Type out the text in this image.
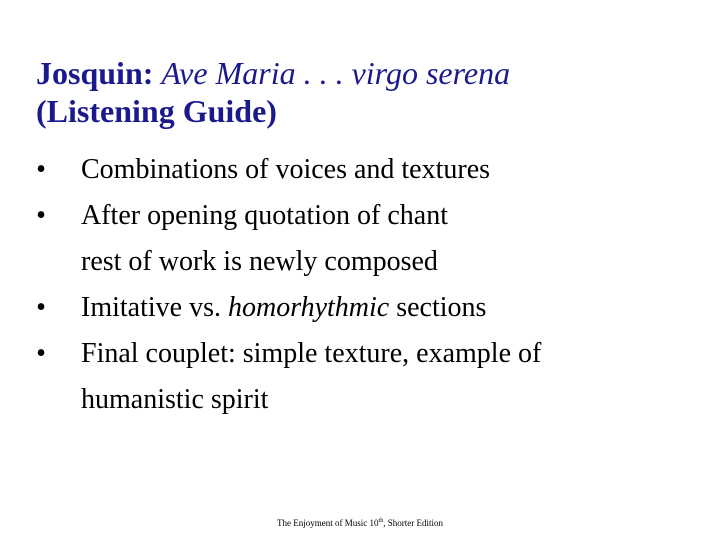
Josquin: Ave Maria . . . virgo serena
(Listening Guide)
•	Combinations of voices and textures
•	After opening quotation of chant
rest of work is newly composed
•	Imitative vs. homorhythmic sections
•	Final couplet: simple texture, example of
humanistic spirit
The Enjoyment of Music 10th, Shorter Edition
